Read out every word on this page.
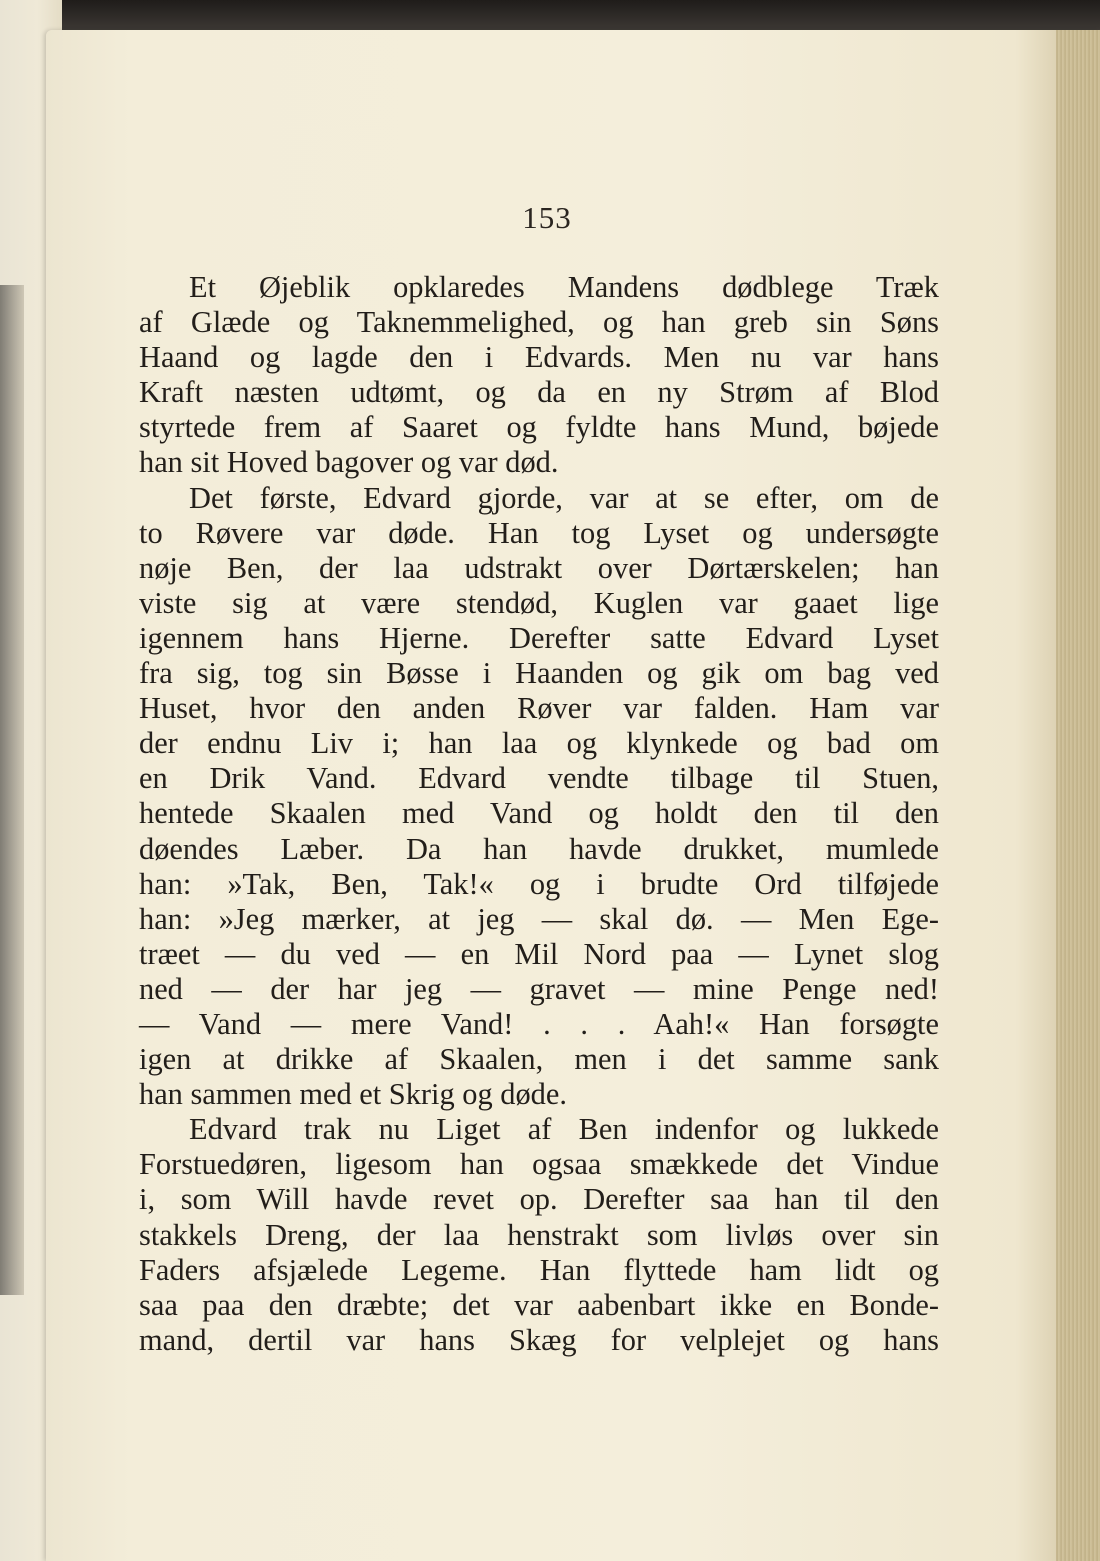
153
Et Øjeblik opklaredes Mandens dødblege Træk
af Glæde og Taknemmelighed, og han greb sin Søns
Haand og lagde den i Edvards. Men nu var hans
Kraft næsten udtømt, og da en ny Strøm af Blod
styrtede frem af Saaret og fyldte hans Mund, bøjede
han sit Hoved bagover og var død.
Det første, Edvard gjorde, var at se efter, om de
to Røvere var døde. Han tog Lyset og undersøgte
nøje Ben, der laa udstrakt over Dørtærskelen; han
viste sig at være stendød, Kuglen var gaaet lige
igennem hans Hjerne. Derefter satte Edvard Lyset
fra sig, tog sin Bøsse i Haanden og gik om bag ved
Huset, hvor den anden Røver var falden. Ham var
der endnu Liv i; han laa og klynkede og bad om
en Drik Vand. Edvard vendte tilbage til Stuen,
hentede Skaalen med Vand og holdt den til den
døendes Læber. Da han havde drukket, mumlede
han: »Tak, Ben, Tak!« og i brudte Ord tilføjede
han: »Jeg mærker, at jeg — skal dø. — Men Ege-
træet — du ved — en Mil Nord paa — Lynet slog
ned — der har jeg — gravet — mine Penge ned!
— Vand — mere Vand! . . . Aah!« Han forsøgte
igen at drikke af Skaalen, men i det samme sank
han sammen med et Skrig og døde.
Edvard trak nu Liget af Ben indenfor og lukkede
Forstuedøren, ligesom han ogsaa smækkede det Vindue
i, som Will havde revet op. Derefter saa han til den
stakkels Dreng, der laa henstrakt som livløs over sin
Faders afsjælede Legeme. Han flyttede ham lidt og
saa paa den dræbte; det var aabenbart ikke en Bonde-
mand, dertil var hans Skæg for velplejet og hans
